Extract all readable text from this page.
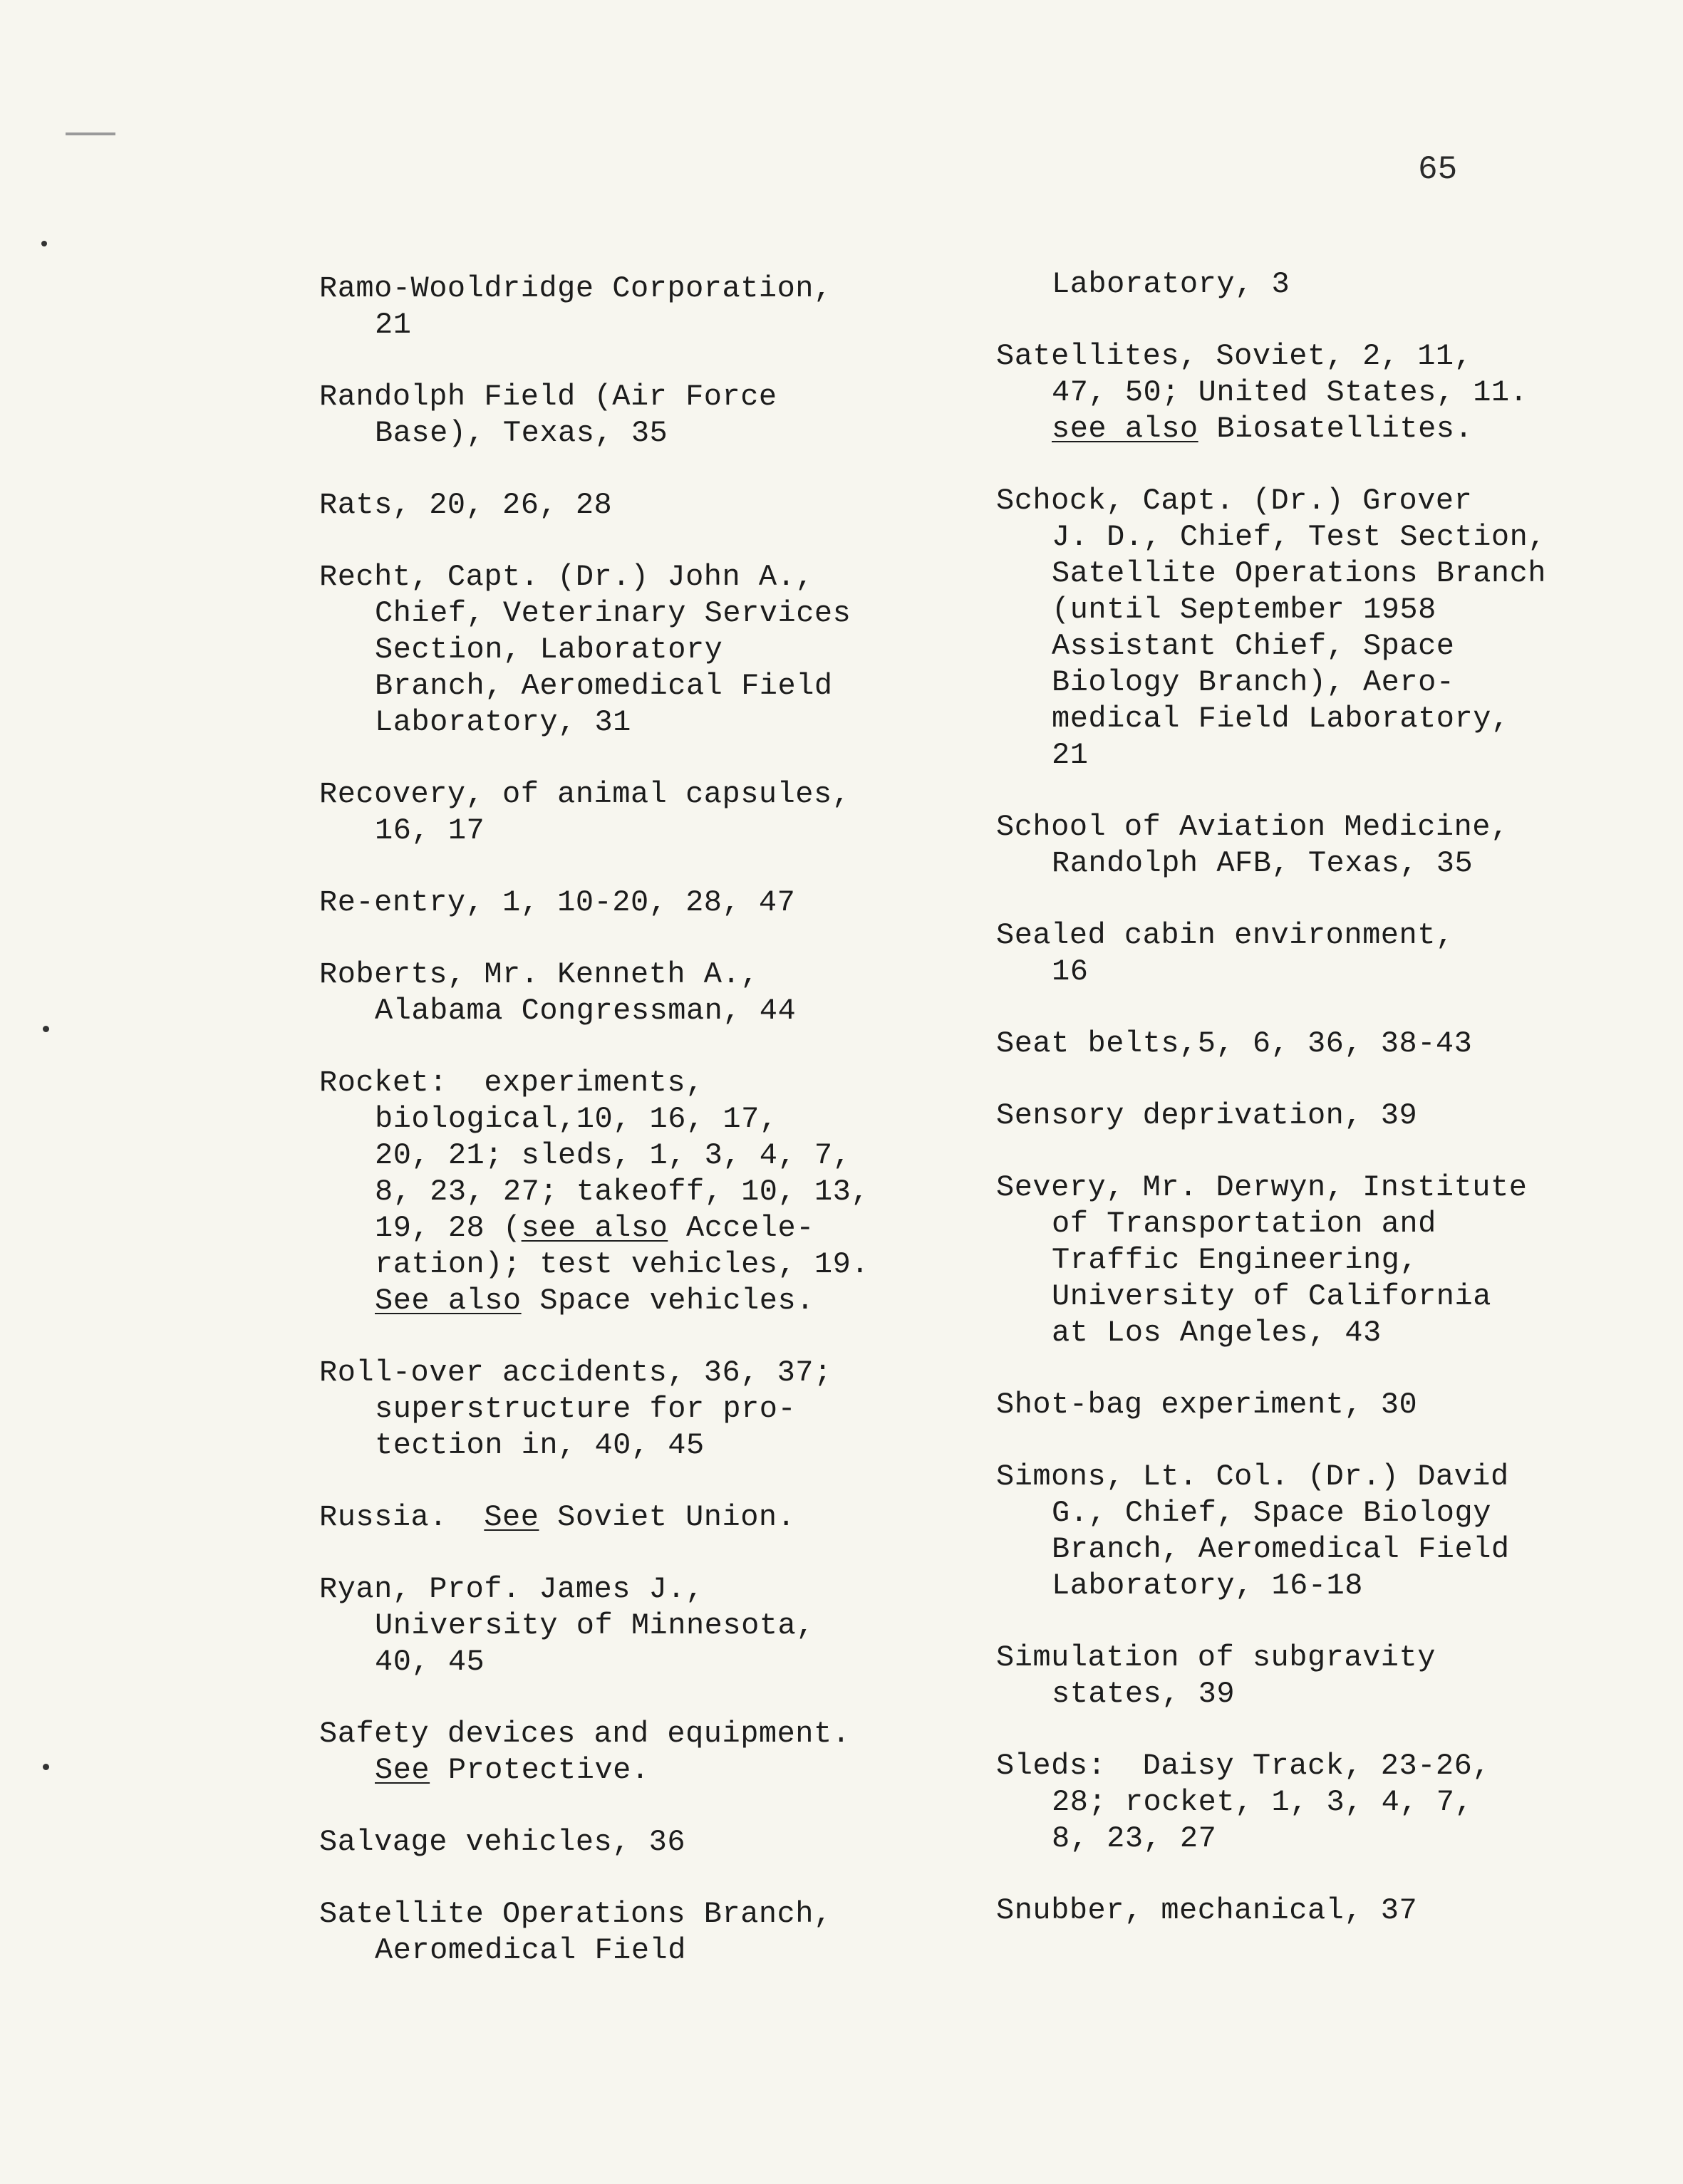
65
Ramo-Wooldridge Corporation,
21
Randolph Field (Air Force
Base), Texas, 35
Rats, 20, 26, 28
Recht, Capt. (Dr.) John A.,
Chief, Veterinary Services
Section, Laboratory
Branch, Aeromedical Field
Laboratory, 31
Recovery, of animal capsules,
16, 17
Re-entry, 1, 10-20, 28, 47
Roberts, Mr. Kenneth A.,
Alabama Congressman, 44
Rocket:  experiments,
biological,10, 16, 17,
20, 21; sleds, 1, 3, 4, 7,
8, 23, 27; takeoff, 10, 13,
19, 28 (see also Accele-
ration); test vehicles, 19.
See also Space vehicles.
Roll-over accidents, 36, 37;
superstructure for pro-
tection in, 40, 45
Russia.  See Soviet Union.
Ryan, Prof. James J.,
University of Minnesota,
40, 45
Safety devices and equipment.
See Protective.
Salvage vehicles, 36
Satellite Operations Branch,
Aeromedical Field
Laboratory, 3
Satellites, Soviet, 2, 11,
47, 50; United States, 11.
see also Biosatellites.
Schock, Capt. (Dr.) Grover
J. D., Chief, Test Section,
Satellite Operations Branch
(until September 1958
Assistant Chief, Space
Biology Branch), Aero-
medical Field Laboratory,
21
School of Aviation Medicine,
Randolph AFB, Texas, 35
Sealed cabin environment,
16
Seat belts,5, 6, 36, 38-43
Sensory deprivation, 39
Severy, Mr. Derwyn, Institute
of Transportation and
Traffic Engineering,
University of California
at Los Angeles, 43
Shot-bag experiment, 30
Simons, Lt. Col. (Dr.) David
G., Chief, Space Biology
Branch, Aeromedical Field
Laboratory, 16-18
Simulation of subgravity
states, 39
Sleds:  Daisy Track, 23-26,
28; rocket, 1, 3, 4, 7,
8, 23, 27
Snubber, mechanical, 37
